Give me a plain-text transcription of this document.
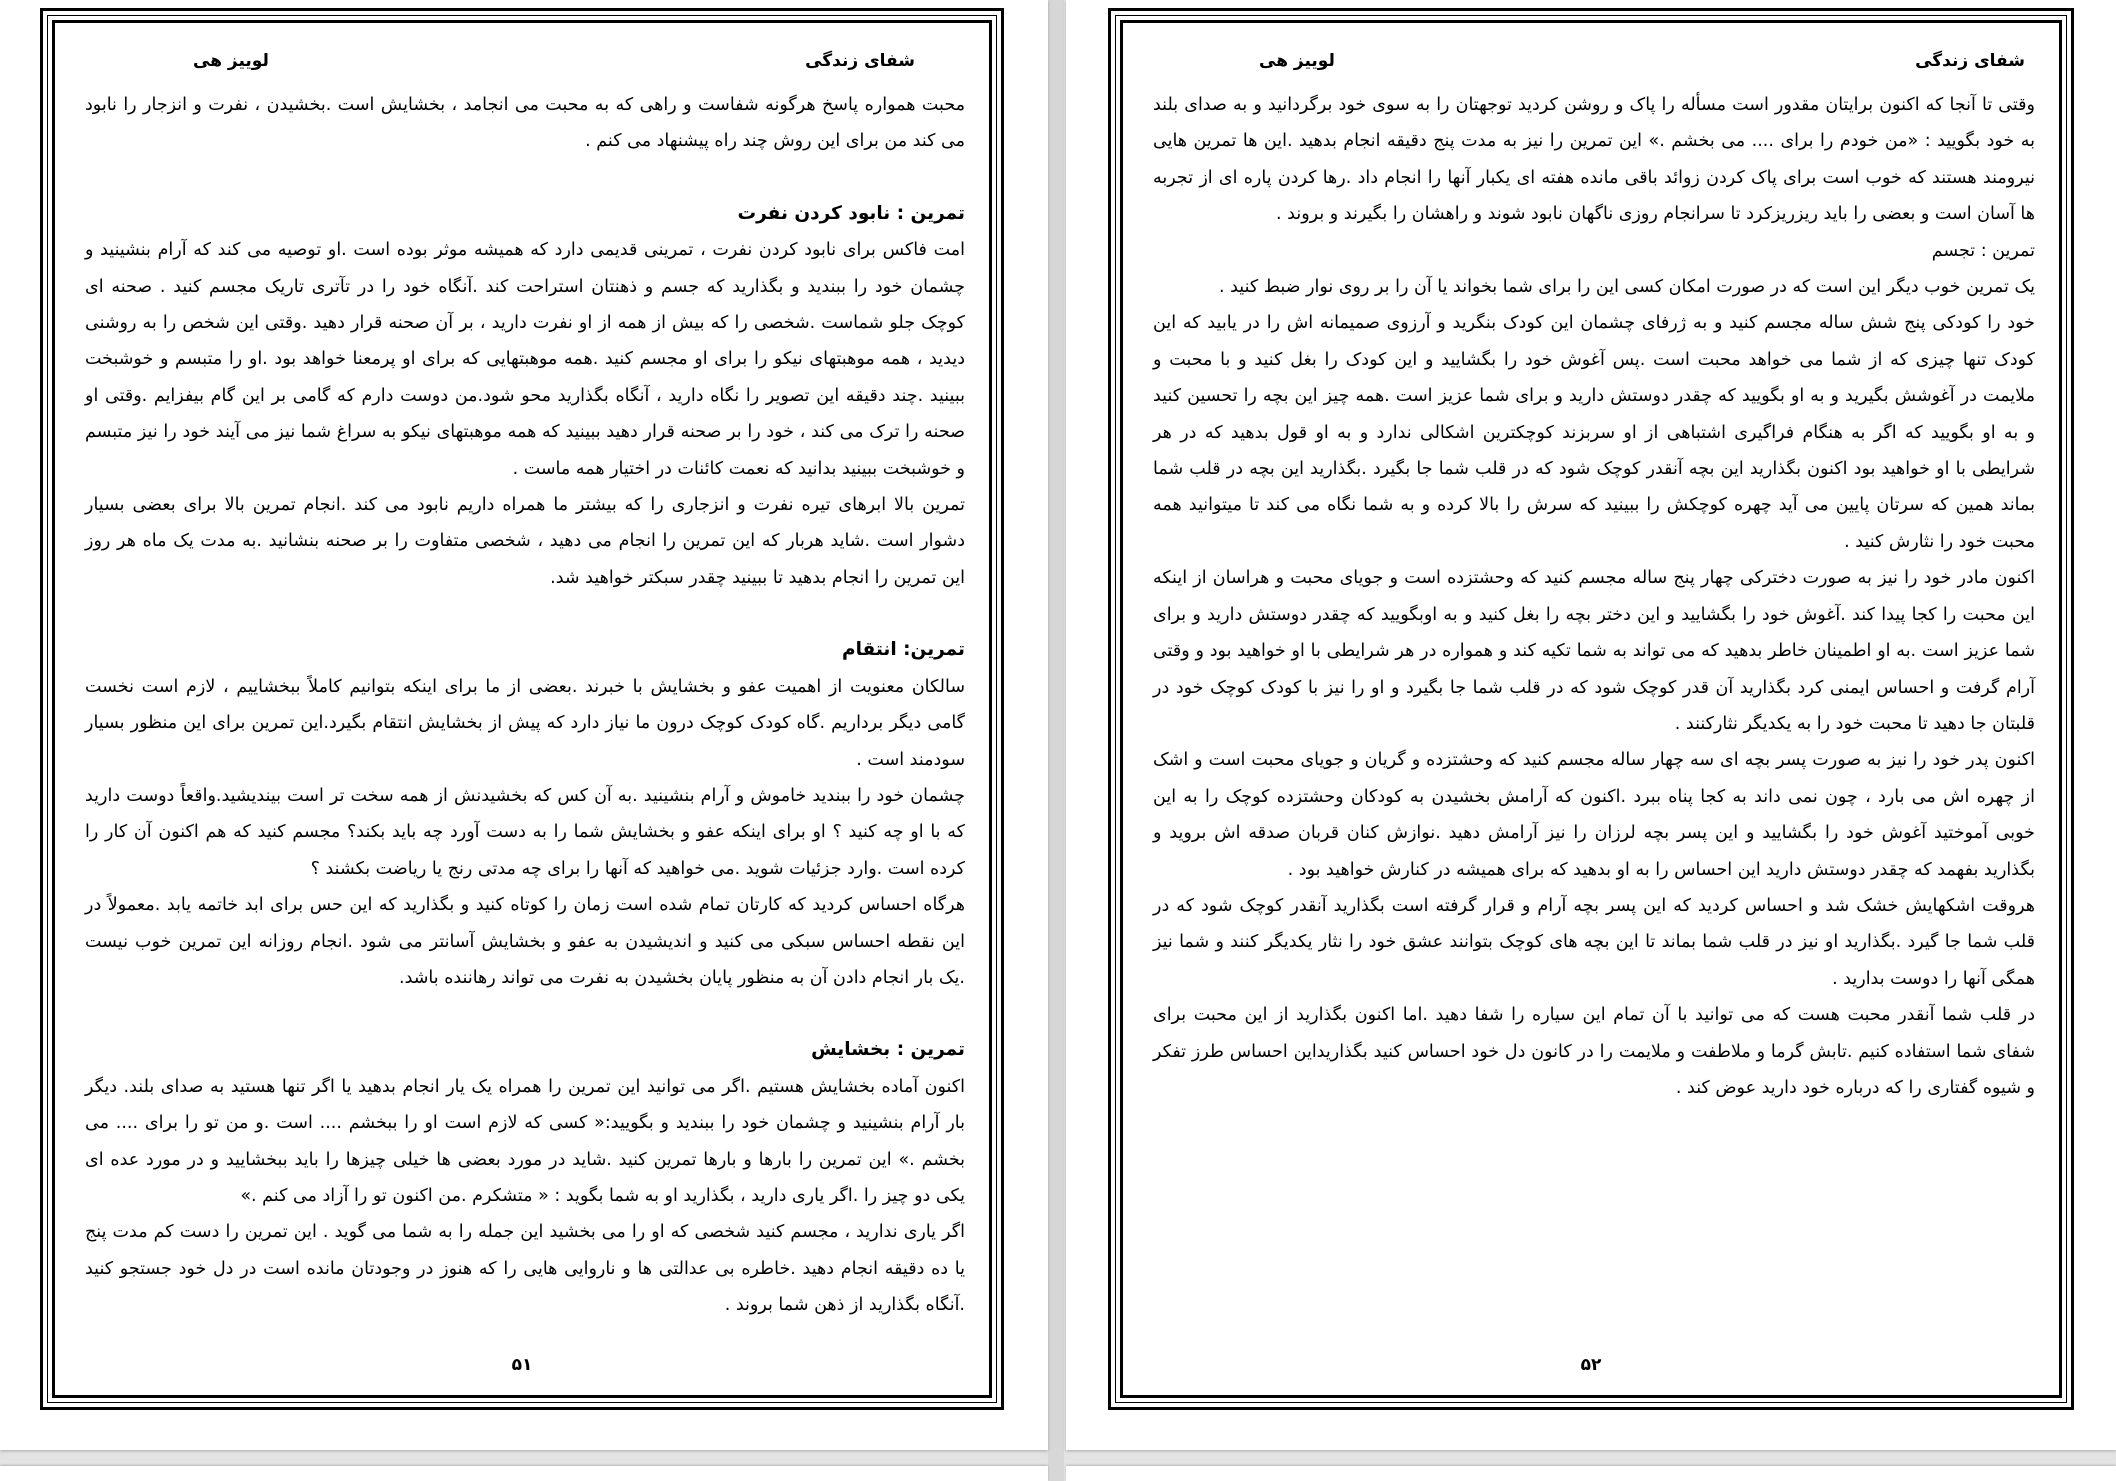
شفای زندگی
لوییز هی

محبت همواره پاسخ هرگونه شفاست و راهی که به محبت می انجامد ، بخشایش است .بخشیدن ، نفرت و انزجار را نابود می کند من برای این روش چند راه پیشنهاد می کنم .

تمرین : نابود کردن نفرت

امت فاکس برای نابود کردن نفرت ، تمرینی قدیمی دارد که همیشه موثر بوده است .او توصیه می کند که آرام بنشینید و چشمان خود را ببندید و بگذارید که جسم و ذهنتان استراحت کند .آنگاه خود را در تآتری تاریک مجسم کنید . صحنه ای کوچک جلو شماست .شخصی را که بیش از همه از او نفرت دارید ، بر آن صحنه قرار دهید .وقتی این شخص را به روشنی دیدید ، همه موهبتهای نیکو را برای او مجسم کنید .همه موهبتهایی که برای او پرمعنا خواهد بود .او را متبسم و خوشبخت ببینید .چند دقیقه این تصویر را نگاه دارید ، آنگاه بگذارید محو شود.من دوست دارم که گامی بر این گام بیفزایم .وقتی او صحنه را ترک می کند ، خود را بر صحنه قرار دهید ببینید که همه موهبتهای نیکو به سراغ شما نیز می آیند خود را نیز متبسم و خوشبخت ببینید بدانید که نعمت کائنات در اختیار همه ماست .

تمرین بالا ابرهای تیره نفرت و انزجاری را که بیشتر ما همراه داریم نابود می کند .انجام تمرین بالا برای بعضی بسیار دشوار است .شاید هربار که این تمرین را انجام می دهید ، شخصی متفاوت را بر صحنه بنشانید .به مدت یک ماه هر روز این تمرین را انجام بدهید تا ببینید چقدر سبکتر خواهید شد.

تمرین: انتقام

سالکان معنویت از اهمیت عفو و بخشایش با خبرند .بعضی از ما برای اینکه بتوانیم کاملاً ببخشاییم ، لازم است نخست گامی دیگر برداریم .گاه کودک کوچک درون ما نیاز دارد که پیش از بخشایش انتقام بگیرد.این تمرین برای این منظور بسیار سودمند است .

چشمان خود را ببندید خاموش و آرام بنشینید .به آن کس که بخشیدنش از همه سخت تر است بیندیشید.واقعاً دوست دارید که با او چه کنید ؟ او برای اینکه عفو و بخشایش شما را به دست آورد چه باید بکند؟ مجسم کنید که هم اکنون آن کار را کرده است .وارد جزئیات شوید .می خواهید که آنها را برای چه مدتی رنج یا ریاضت بکشند ؟

هرگاه احساس کردید که کارتان تمام شده است زمان را کوتاه کنید و بگذارید که این حس برای ابد خاتمه یابد .معمولاً در این نقطه احساس سبکی می کنید و اندیشیدن به عفو و بخشایش آسانتر می شود .انجام روزانه این تمرین خوب نیست .یک بار انجام دادن آن به منظور پایان بخشیدن به نفرت می تواند رهاننده باشد.

تمرین : بخشایش

اکنون آماده بخشایش هستیم .اگر می توانید این تمرین را همراه یک یار انجام بدهید یا اگر تنها هستید به صدای بلند. دیگر بار آرام بنشینید و چشمان خود را ببندید و بگویید:« کسی که لازم است او را ببخشم .... است .و من تو را برای .... می بخشم .» این تمرین را بارها و بارها تمرین کنید .شاید در مورد بعضی ها خیلی چیزها را باید ببخشایید و در مورد عده ای یکی دو چیز را .اگر یاری دارید ، بگذارید او به شما بگوید : « متشکرم .من اکنون تو را آزاد می کنم .»

اگر یاری ندارید ، مجسم کنید شخصی که او را می بخشید این جمله را به شما می گوید . این تمرین را دست کم مدت پنج یا ده دقیقه انجام دهید .خاطره بی عدالتی ها و ناروایی هایی را که هنوز در وجودتان مانده است در دل خود جستجو کنید .آنگاه بگذارید از ذهن شما بروند .

۵۱
شفای زندگی
لوییز هی

وقتی تا آنجا که اکنون برایتان مقدور است مسأله را پاک و روشن کردید توجهتان را به سوی خود برگردانید و به صدای بلند به خود بگویید : «من خودم را برای .... می بخشم .» این تمرین را نیز به مدت پنج دقیقه انجام بدهید .این ها تمرین هایی نیرومند هستند که خوب است برای پاک کردن زوائد باقی مانده هفته ای یکبار آنها را انجام داد .رها کردن پاره ای از تجربه ها آسان است و بعضی را باید ریزریزکرد تا سرانجام روزی ناگهان نابود شوند و راهشان را بگیرند و بروند .

تمرین : تجسم

یک تمرین خوب دیگر این است که در صورت امکان کسی این را برای شما بخواند یا آن را بر روی نوار ضبط کنید .

خود را کودکی پنج شش ساله مجسم کنید و به ژرفای چشمان این کودک بنگرید و آرزوی صمیمانه اش را در یابید که این کودک تنها چیزی که از شما می خواهد محبت است .پس آغوش خود را بگشایید و این کودک را بغل کنید و با محبت و ملایمت در آغوشش بگیرید و به او بگویید که چقدر دوستش دارید و برای شما عزیز است .همه چیز این بچه را تحسین کنید و به او بگویید که اگر به هنگام فراگیری اشتباهی از او سربزند کوچکترین اشکالی ندارد و به او قول بدهید که در هر شرایطی با او خواهید بود اکنون بگذارید این بچه آنقدر کوچک شود که در قلب شما جا بگیرد .بگذارید این بچه در قلب شما بماند همین که سرتان پایین می آید چهره کوچکش را ببینید که سرش را بالا کرده و به شما نگاه می کند تا میتوانید همه محبت خود را نثارش کنید .

اکنون مادر خود را نیز به صورت دخترکی چهار پنج ساله مجسم کنید که وحشتزده است و جویای محبت و هراسان از اینکه این محبت را کجا پیدا کند .آغوش خود را بگشایید و این دختر بچه را بغل کنید و به اوبگویید که چقدر دوستش دارید و برای شما عزیز است .به او اطمینان خاطر بدهید که می تواند به شما تکیه کند و همواره در هر شرایطی با او خواهید بود و وقتی آرام گرفت و احساس ایمنی کرد بگذارید آن قدر کوچک شود که در قلب شما جا بگیرد و او را نیز با کودک کوچک خود در قلبتان جا دهید تا محبت خود را به یکدیگر نثارکنند .

اکنون پدر خود را نیز به صورت پسر بچه ای سه چهار ساله مجسم کنید که وحشتزده و گریان و جویای محبت است و اشک از چهره اش می بارد ، چون نمی داند به کجا پناه ببرد .اکنون که آرامش بخشیدن به کودکان وحشتزده کوچک را به این خوبی آموختید آغوش خود را بگشایید و این پسر بچه لرزان را نیز آرامش دهید .نوازش کنان قربان صدقه اش بروید و بگذارید بفهمد که چقدر دوستش دارید این احساس را به او بدهید که برای همیشه در کنارش خواهید بود .

هروقت اشکهایش خشک شد و احساس کردید که این پسر بچه آرام و قرار گرفته است بگذارید آنقدر کوچک شود که در قلب شما جا گیرد .بگذارید او نیز در قلب شما بماند تا این بچه های کوچک بتوانند عشق خود را نثار یکدیگر کنند و شما نیز همگی آنها را دوست بدارید .

در قلب شما آنقدر محبت هست که می توانید با آن تمام این سیاره را شفا دهید .اما اکنون بگذارید از این محبت برای شفای شما استفاده کنیم .تابش گرما و ملاطفت و ملایمت را در کانون دل خود احساس کنید بگذاریداین احساس طرز تفکر و شیوه گفتاری را که درباره خود دارید عوض کند .

۵۲
